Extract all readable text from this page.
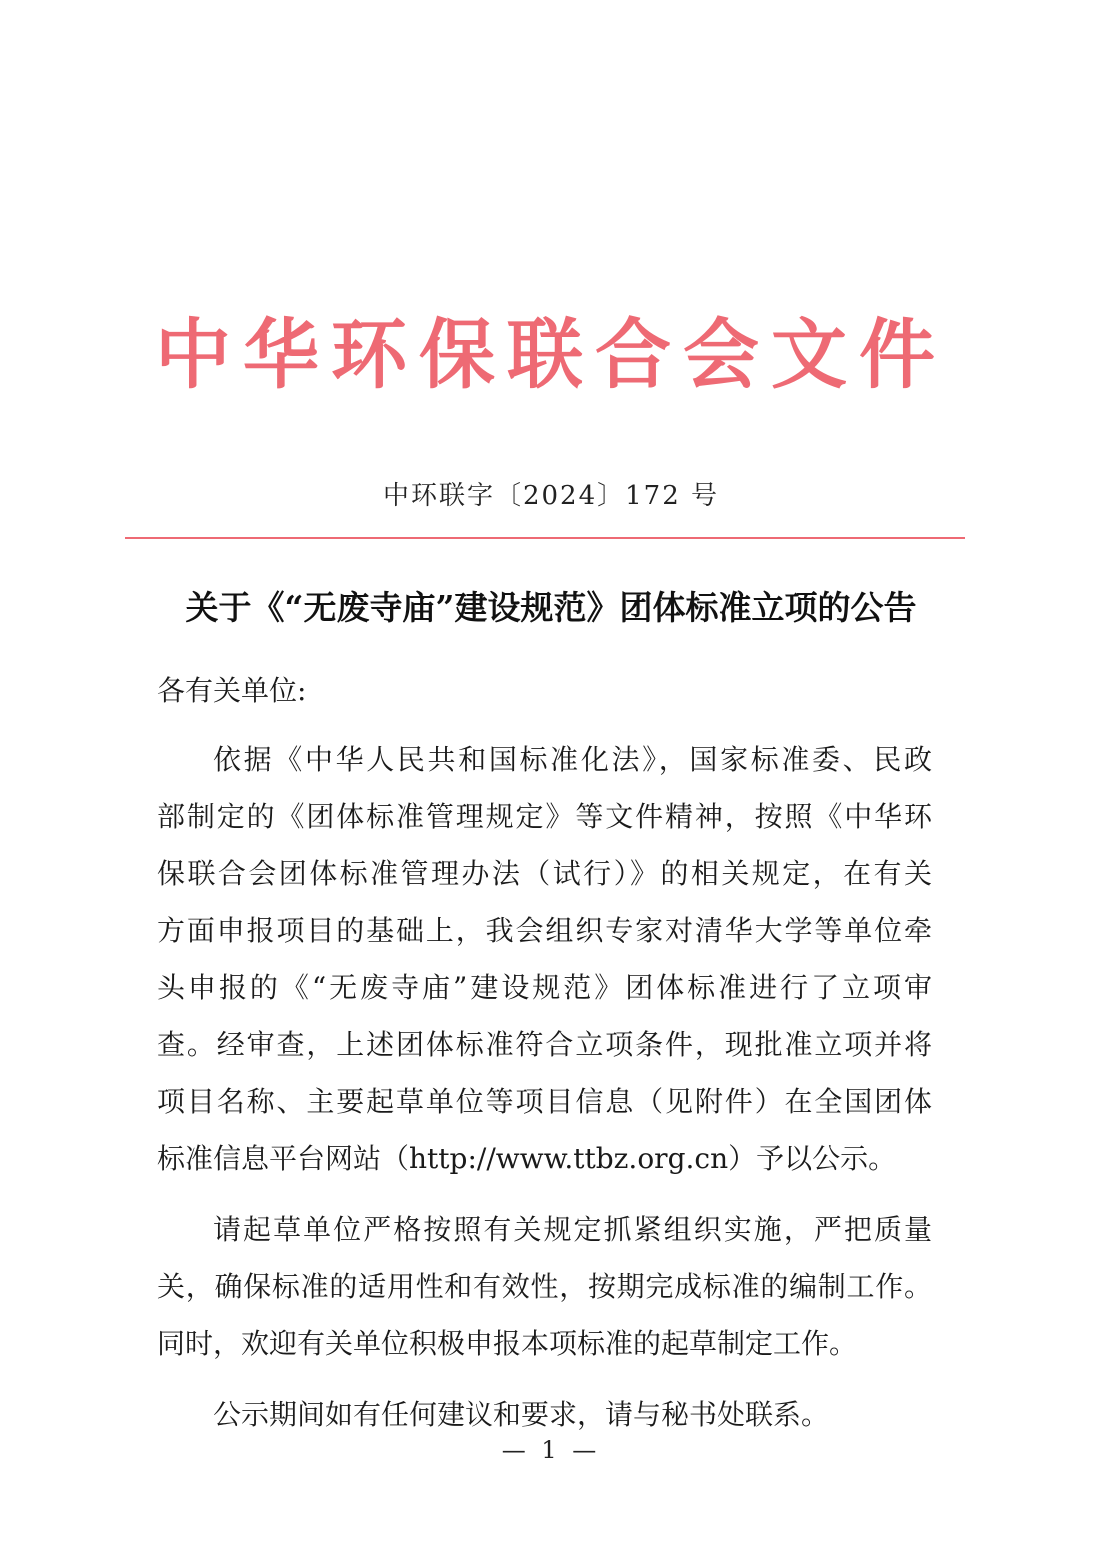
中华环保联合会文件
中环联字〔2024〕172 号
关于《“无废寺庙”建设规范》团体标准立项的公告
各有关单位:

依据《中华人民共和国标准化法》，国家标准委、民政

部制定的《团体标准管理规定》等文件精神，按照《中华环

保联合会团体标准管理办法（试行）》的相关规定，在有关

方面申报项目的基础上，我会组织专家对清华大学等单位牵

头申报的《“无废寺庙”建设规范》团体标准进行了立项审

查。经审查，上述团体标准符合立项条件，现批准立项并将

项目名称、主要起草单位等项目信息（见附件）在全国团体

标准信息平台网站（http://www.ttbz.org.cn）予以公示。

请起草单位严格按照有关规定抓紧组织实施，严把质量

关，确保标准的适用性和有效性，按期完成标准的编制工作。

同时，欢迎有关单位积极申报本项标准的起草制定工作。

公示期间如有任何建议和要求，请与秘书处联系。

— 1 —
